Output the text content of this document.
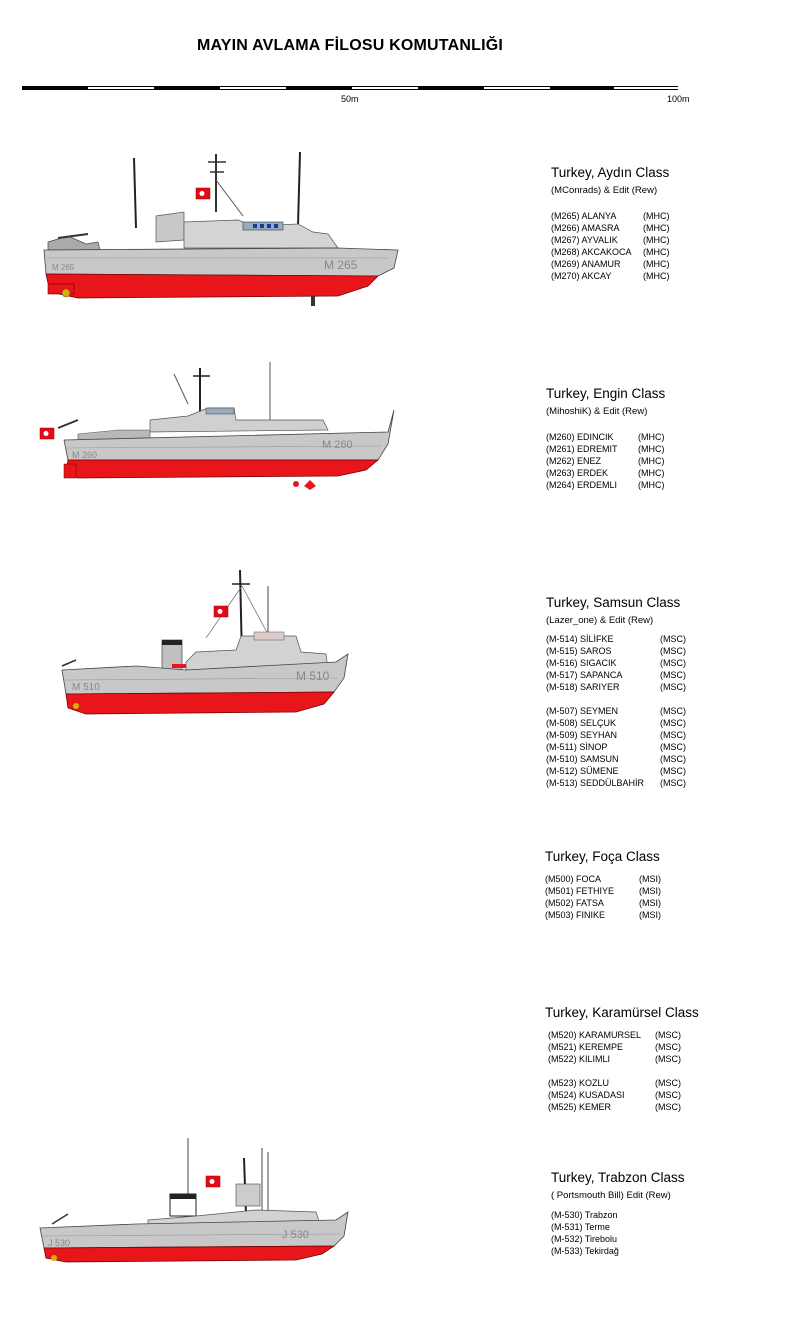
MAYIN AVLAMA FİLOSU KOMUTANLIĞI
50m	100m
M 265
M 265
Turkey, Aydın Class
(MConrads) & Edit (Rew)
(M265) ALANYA	(MHC)
(M266) AMASRA	(MHC)
(M267) AYVALIK	(MHC)
(M268) AKCAKOCA	(MHC)
(M269) ANAMUR	(MHC)
(M270) AKCAY	(MHC)
M 260
M 260
Turkey, Engin Class
(MihoshiK) & Edit (Rew)
(M260) EDINCIK	(MHC)
(M261) EDREMIT	(MHC)
(M262) ENEZ	(MHC)
(M263) ERDEK	(MHC)
(M264) ERDEMLI	(MHC)
M 510
M 510
Turkey, Samsun Class
(Lazer_one) & Edit (Rew)
(M-514) SİLİFKE	(MSC)
(M-515) SAROS	(MSC)
(M-516) SIGACIK	(MSC)
(M-517) SAPANCA	(MSC)
(M-518) SARIYER	(MSC)
(M-507) SEYMEN	(MSC)
(M-508) SELÇUK	(MSC)
(M-509) SEYHAN	(MSC)
(M-511) SİNOP	(MSC)
(M-510) SAMSUN	(MSC)
(M-512) SÜMENE	(MSC)
(M-513) SEDDÜLBAHİR	(MSC)
Turkey, Foça Class
(M500) FOCA	(MSI)
(M501) FETHIYE	(MSI)
(M502) FATSA	(MSI)
(M503) FINIKE	(MSI)
Turkey, Karamürsel Class
(M520) KARAMURSEL	(MSC)
(M521) KEREMPE	(MSC)
(M522) KILIMLI	(MSC)
(M523) KOZLU	(MSC)
(M524) KUSADASI	(MSC)
(M525) KEMER	(MSC)
J 530
J 530
Turkey, Trabzon Class
( Portsmouth Bill) Edit (Rew)
(M-530) Trabzon
(M-531) Terme
(M-532) Tirebolu
(M-533) Tekirdağ
